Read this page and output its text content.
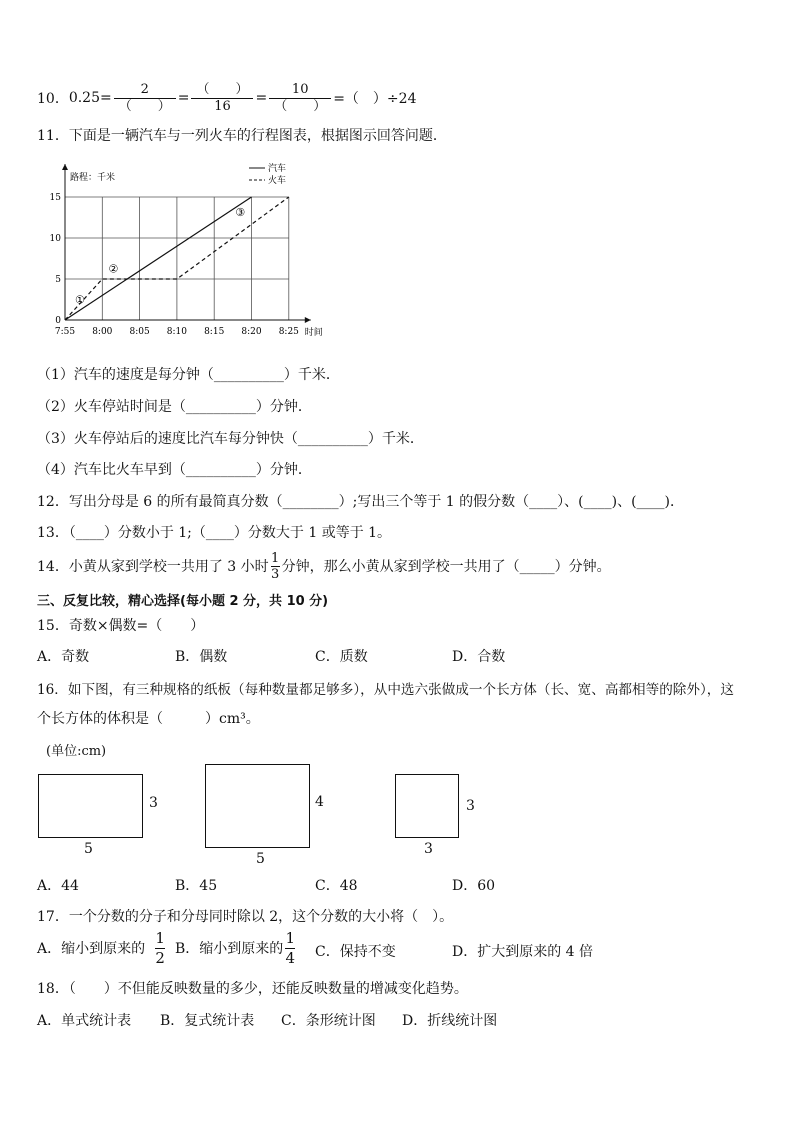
10． $0.25= \frac{2}{( )} = \frac{( )}{16} = \frac{10}{( )}$ =（　）÷24
11．下面是一辆汽车与一列火车的行程图表，根据图示回答问题．
7:55 8:00 8:05 8:10 8:15 8:20 8:25
0
5
10
15
路程：千米
时间
汽车
火车
①
②
③
（1）汽车的速度是每分钟（__________）千米．
（2）火车停站时间是（__________）分钟．
（3）火车停站后的速度比汽车每分钟快（__________）千米．
（4）汽车比火车早到（__________）分钟．
12．写出分母是 6 的所有最简真分数（________）;写出三个等于 1 的假分数（____）、(____)、(____)．
13．（____）分数小于 1;（____）分数大于 1 或等于 1。
14．小黄从家到学校一共用了 3 小时 $\frac{1}{3}$ 分钟，那么小黄从家到学校一共用了（_____）分钟。
三、反复比较，精心选择(每小题 2 分，共 10 分)
15．奇数×偶数=（　　）
A．奇数	B．偶数	C．质数	D．合数
16．如下图，有三种规格的纸板（每种数量都足够多），从中选六张做成一个长方体（长、宽、高都相等的除外），这
个长方体的体积是（　　　）cm³。
(单位:cm)
3
5
4
5
3
3
A．44	B．45	C．48	D．60
17．一个分数的分子和分母同时除以 2，这个分数的大小将（　）。
A．缩小到原来的 $\frac{1}{2}$ B．缩小到原来的 $\frac{1}{4}$ C．保持不变	D．扩大到原来的 4 倍
18．（　　）不但能反映数量的多少，还能反映数量的增减变化趋势。
A．单式统计表 B．复式统计表 C．条形统计图 D．折线统计图
